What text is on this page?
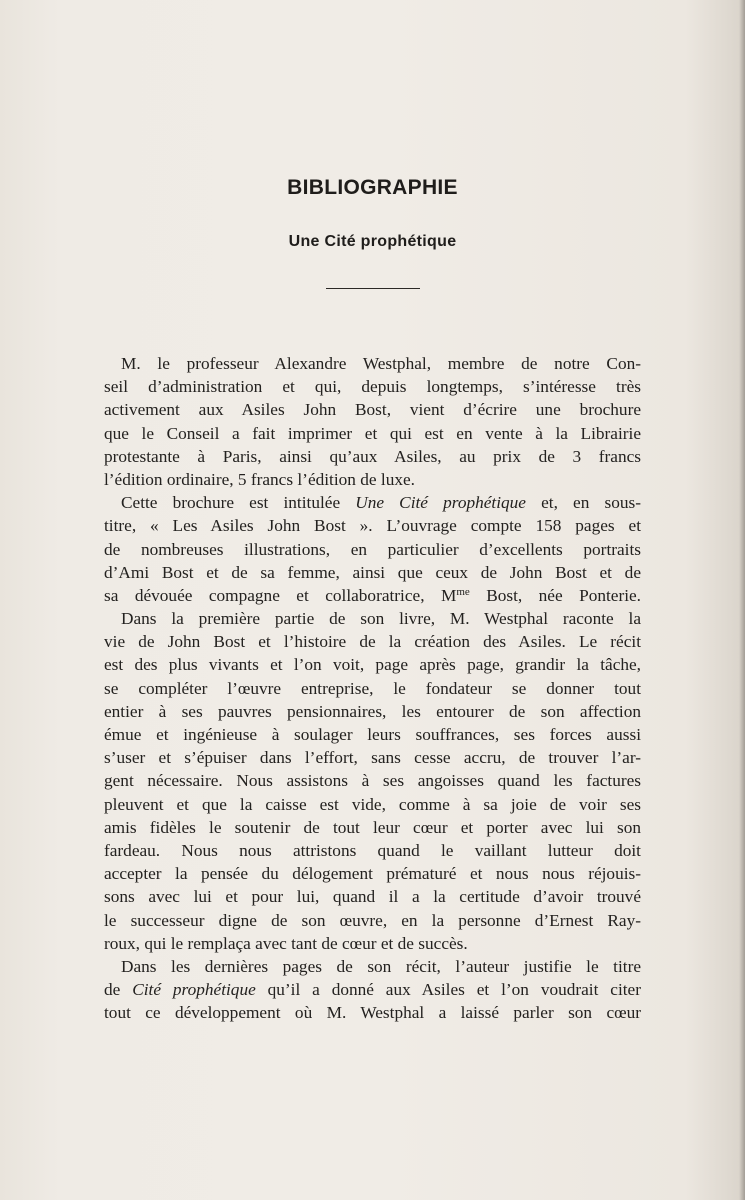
BIBLIOGRAPHIE
Une Cité prophétique
M. le professeur Alexandre Westphal, membre de notre Con-
seil d’administration et qui, depuis longtemps, s’intéresse très
activement aux Asiles John Bost, vient d’écrire une brochure
que le Conseil a fait imprimer et qui est en vente à la Librairie
protestante à Paris, ainsi qu’aux Asiles, au prix de 3 francs
l’édition ordinaire, 5 francs l’édition de luxe.
Cette brochure est intitulée Une Cité prophétique et, en sous-
titre, « Les Asiles John Bost ». L’ouvrage compte 158 pages et
de nombreuses illustrations, en particulier d’excellents portraits
d’Ami Bost et de sa femme, ainsi que ceux de John Bost et de
sa dévouée compagne et collaboratrice, $M^{me}$ Bost, née Ponterie.
Dans la première partie de son livre, M. Westphal raconte la
vie de John Bost et l’histoire de la création des Asiles. Le récit
est des plus vivants et l’on voit, page après page, grandir la tâche,
se compléter l’œuvre entreprise, le fondateur se donner tout
entier à ses pauvres pensionnaires, les entourer de son affection
émue et ingénieuse à soulager leurs souffrances, ses forces aussi
s’user et s’épuiser dans l’effort, sans cesse accru, de trouver l’ar-
gent nécessaire. Nous assistons à ses angoisses quand les factures
pleuvent et que la caisse est vide, comme à sa joie de voir ses
amis fidèles le soutenir de tout leur cœur et porter avec lui son
fardeau. Nous nous attristons quand le vaillant lutteur doit
accepter la pensée du délogement prématuré et nous nous réjouis-
sons avec lui et pour lui, quand il a la certitude d’avoir trouvé
le successeur digne de son œuvre, en la personne d’Ernest Ray-
roux, qui le remplaça avec tant de cœur et de succès.
Dans les dernières pages de son récit, l’auteur justifie le titre
de Cité prophétique qu’il a donné aux Asiles et l’on voudrait citer
tout ce développement où M. Westphal a laissé parler son cœur
